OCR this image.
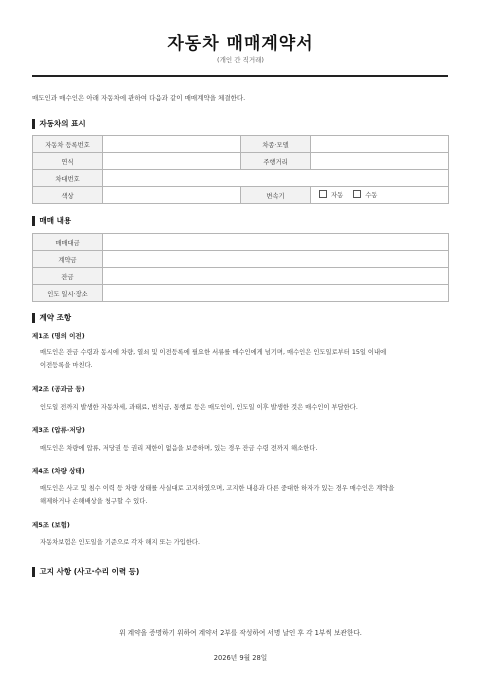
자동차 매매계약서
(개인 간 직거래)
매도인과 매수인은 아래 자동차에 관하여 다음과 같이 매매계약을 체결한다.
자동차의 표시
자동차 등록번호		차종·모델	
연식		주행거리	
차대번호			
색상		변속기	자동
수동
매매 내용
매매대금	
계약금	
잔금	
인도 일시·장소	
계약 조항
제1조 (명의 이전)
매도인은 잔금 수령과 동시에 차량, 열쇠 및 이전등록에 필요한 서류를 매수인에게 넘기며, 매수인은 인도일로부터 15일 이내에
이전등록을 마친다.
제2조 (공과금 등)
인도일 전까지 발생한 자동차세, 과태료, 범칙금, 통행료 등은 매도인이, 인도일 이후 발생한 것은 매수인이 부담한다.
제3조 (압류·저당)
매도인은 차량에 압류, 저당권 등 권리 제한이 없음을 보증하며, 있는 경우 잔금 수령 전까지 해소한다.
제4조 (차량 상태)
매도인은 사고 및 침수 이력 등 차량 상태를 사실대로 고지하였으며, 고지한 내용과 다른 중대한 하자가 있는 경우 매수인은 계약을
해제하거나 손해배상을 청구할 수 있다.
제5조 (보험)
자동차보험은 인도일을 기준으로 각자 해지 또는 가입한다.
고지 사항 (사고·수리 이력 등)
위 계약을 증명하기 위하여 계약서 2부를 작성하여 서명 날인 후 각 1부씩 보관한다.
2026년 9월 28일
